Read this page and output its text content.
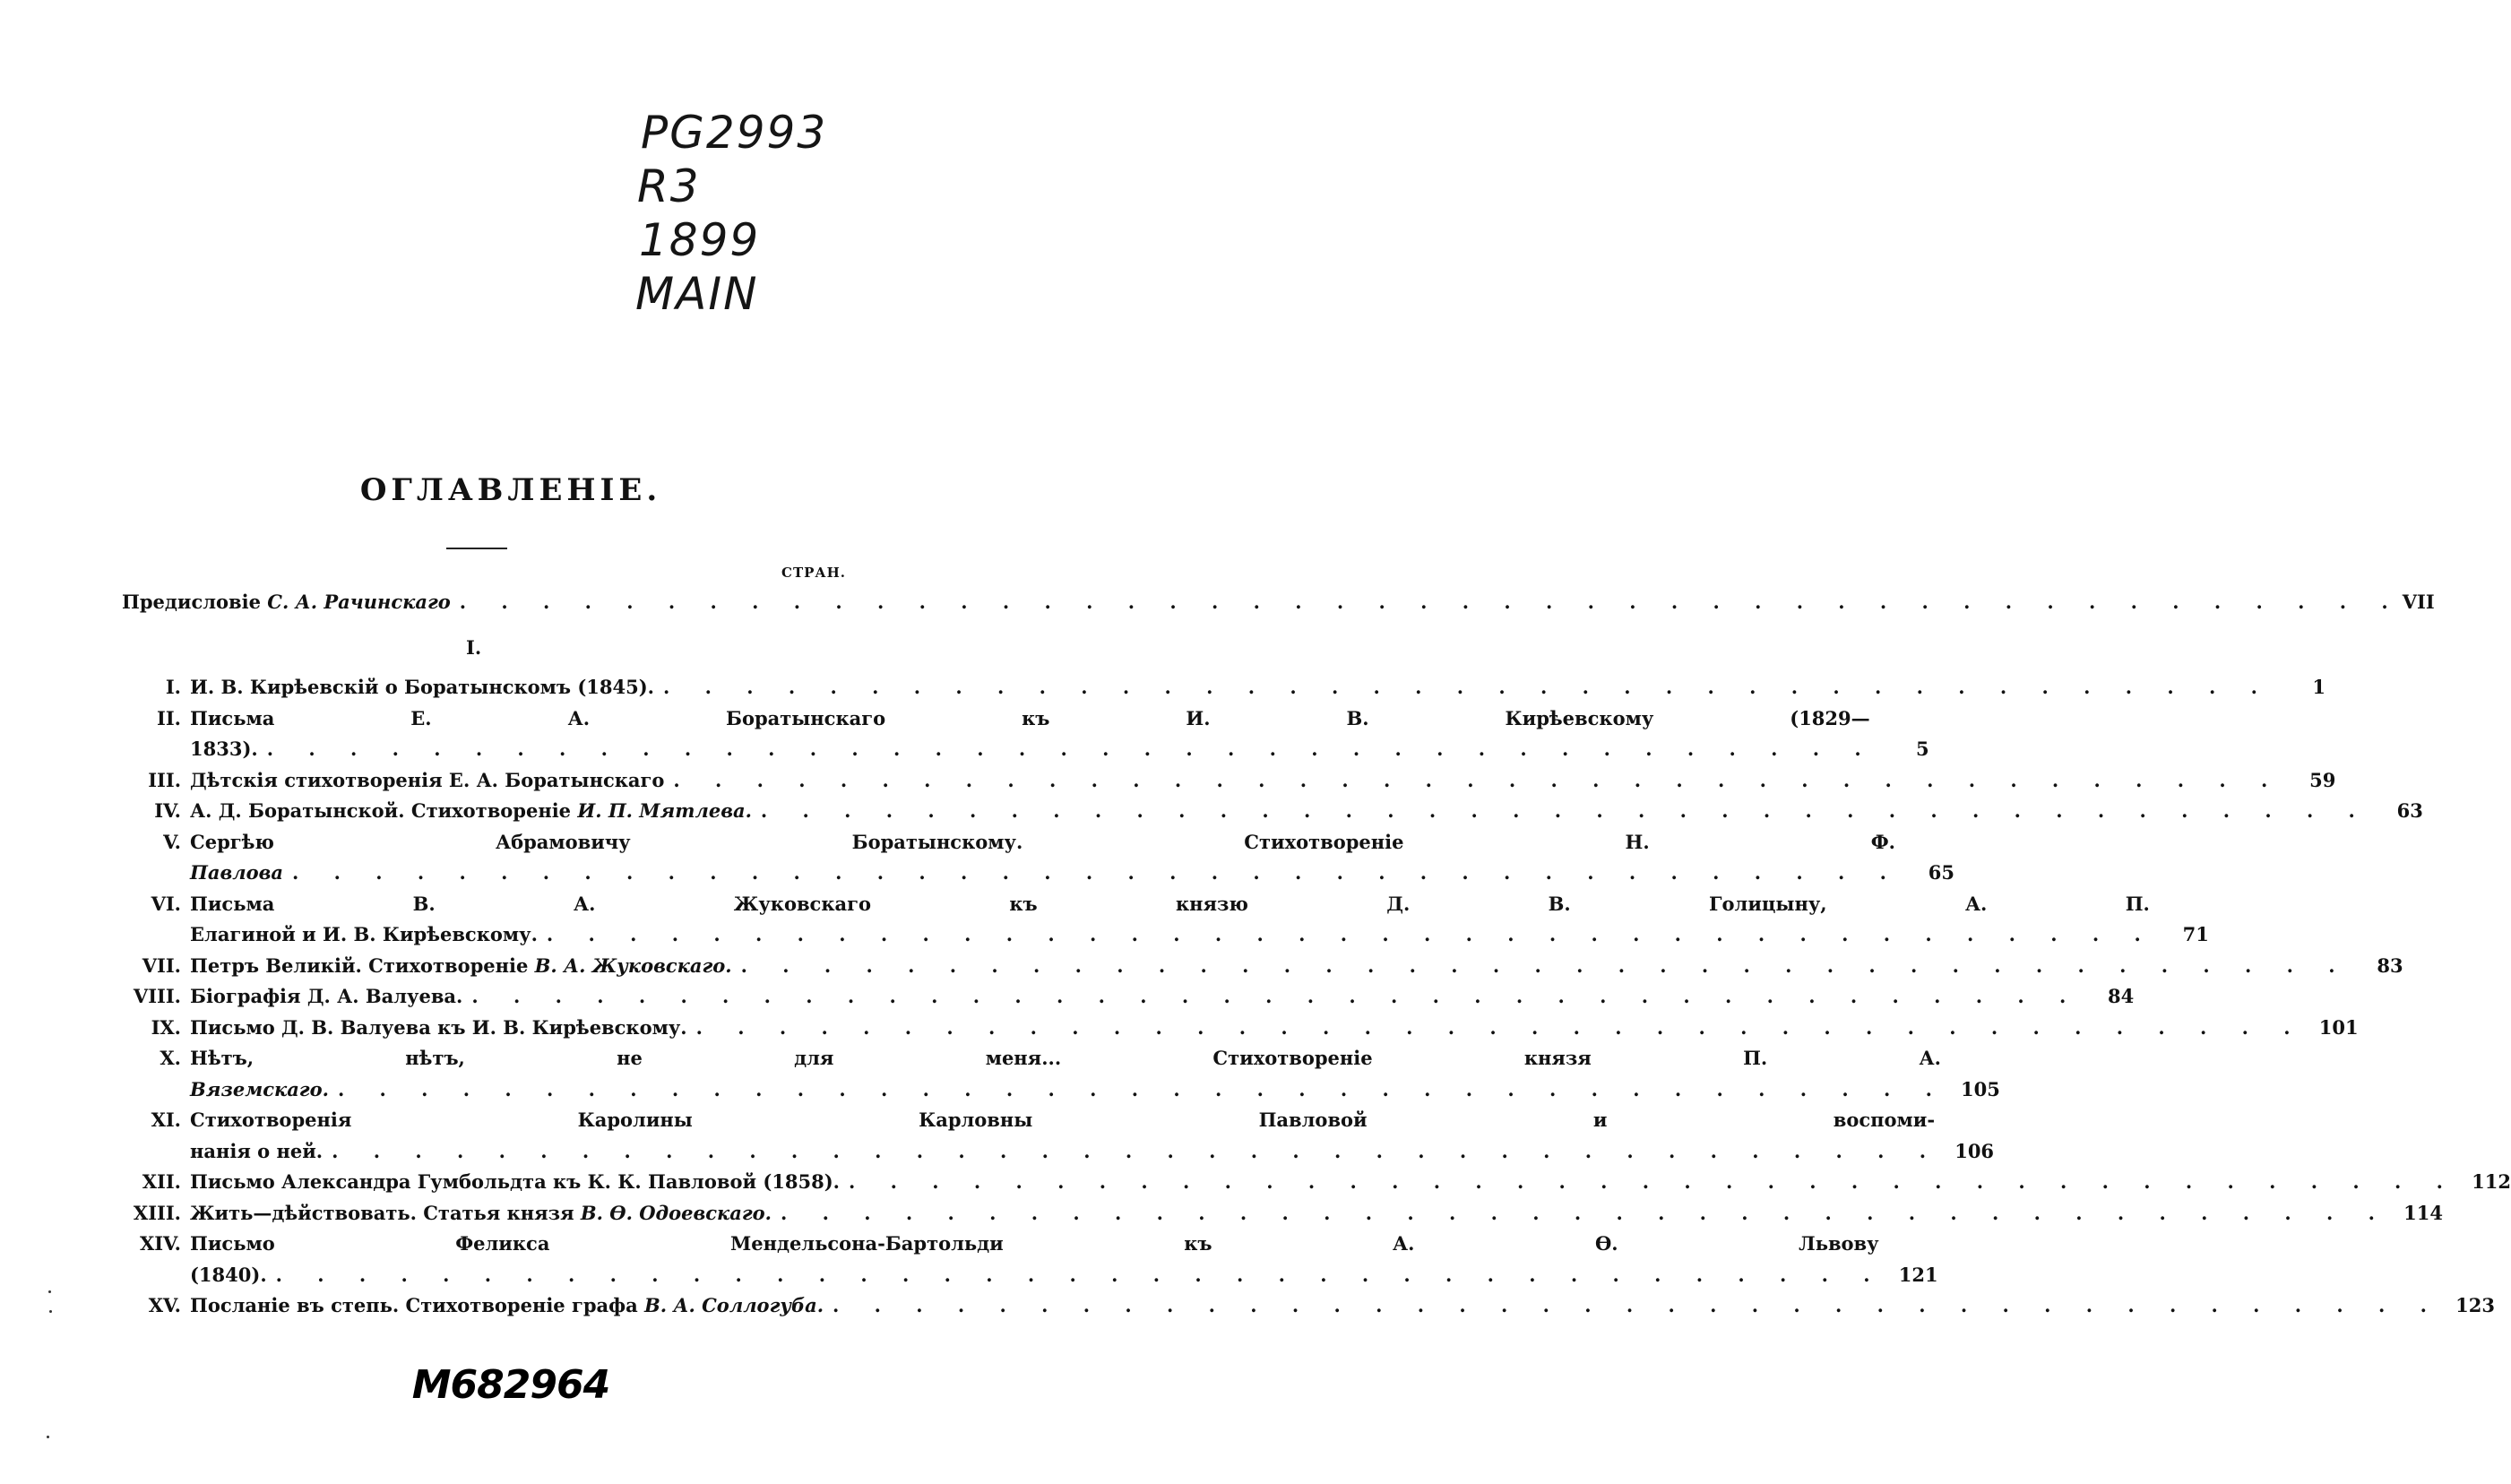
PG2993
R3
1899
MAIN
ОГЛАВЛЕНІЕ.
СТРАН.
Предисловіе С. А. Рачинскаго . . . . . . . . . . . . . . . . . . . . . . . . . . . . . . . . . . . . . . . . . . . . . . . VII
I.
I. И. В. Кирѣевскій о Боратынскомъ (1845). . . . . . . . . . . . . . . . . . . . . . . . . . . . . . . . . . . . . . . .	1
II. Письма Е. А. Боратынскаго къ И. В. Кирѣевскому (1829—
1833). . . . . . . . . . . . . . . . . . . . . . . . . . . . . . . . . . . . . . . .	5
III. Дѣтскія стихотворенія Е. А. Боратынскаго . . . . . . . . . . . . . . . . . . . . . . . . . . . . . . . . . . . . . . .	59
IV. А. Д. Боратынской. Стихотвореніе И. П. Мятлева. . . . . . . . . . . . . . . . . . . . . . . . . . . . . . . . . . . . . . . .	63
V. Сергѣю Абрамовичу Боратынскому. Стихотвореніе Н. Ф.
Павлова . . . . . . . . . . . . . . . . . . . . . . . . . . . . . . . . . . . . . . .	65
VI. Письма В. А. Жуковскаго къ князю Д. В. Голицыну, А. П.
Елагиной и И. В. Кирѣевскому. . . . . . . . . . . . . . . . . . . . . . . . . . . . . . . . . . . . . . . .	71
VII. Петръ Великій. Стихотвореніе В. А. Жуковскаго. . . . . . . . . . . . . . . . . . . . . . . . . . . . . . . . . . . . . . . .	83
VIII. Біографія Д. А. Валуева. . . . . . . . . . . . . . . . . . . . . . . . . . . . . . . . . . . . . . . .	84
IX. Письмо Д. В. Валуева къ И. В. Кирѣевскому. . . . . . . . . . . . . . . . . . . . . . . . . . . . . . . . . . . . . . . . 101
X. Нѣтъ, нѣтъ, не для меня... Стихотвореніе князя П. А.
Вяземскаго. . . . . . . . . . . . . . . . . . . . . . . . . . . . . . . . . . . . . . . . 105
XI. Стихотворенія Каролины Карловны Павловой и воспоми-
нанія о ней. . . . . . . . . . . . . . . . . . . . . . . . . . . . . . . . . . . . . . . . 106
XII. Письмо Александра Гумбольдта къ К. К. Павловой (1858). . . . . . . . . . . . . . . . . . . . . . . . . . . . . . . . . . . . . . . . 112
XIII. Жить—дѣйствовать. Статья князя В. Ѳ. Одоевскаго. . . . . . . . . . . . . . . . . . . . . . . . . . . . . . . . . . . . . . . . 114
XIV. Письмо Феликса Мендельсона-Бартольди къ А. Ѳ. Львову
(1840). . . . . . . . . . . . . . . . . . . . . . . . . . . . . . . . . . . . . . . . 121
XV. Посланіе въ степь. Стихотвореніе графа В. А. Соллогуба. . . . . . . . . . . . . . . . . . . . . . . . . . . . . . . . . . . . . . . . 123
M682964
